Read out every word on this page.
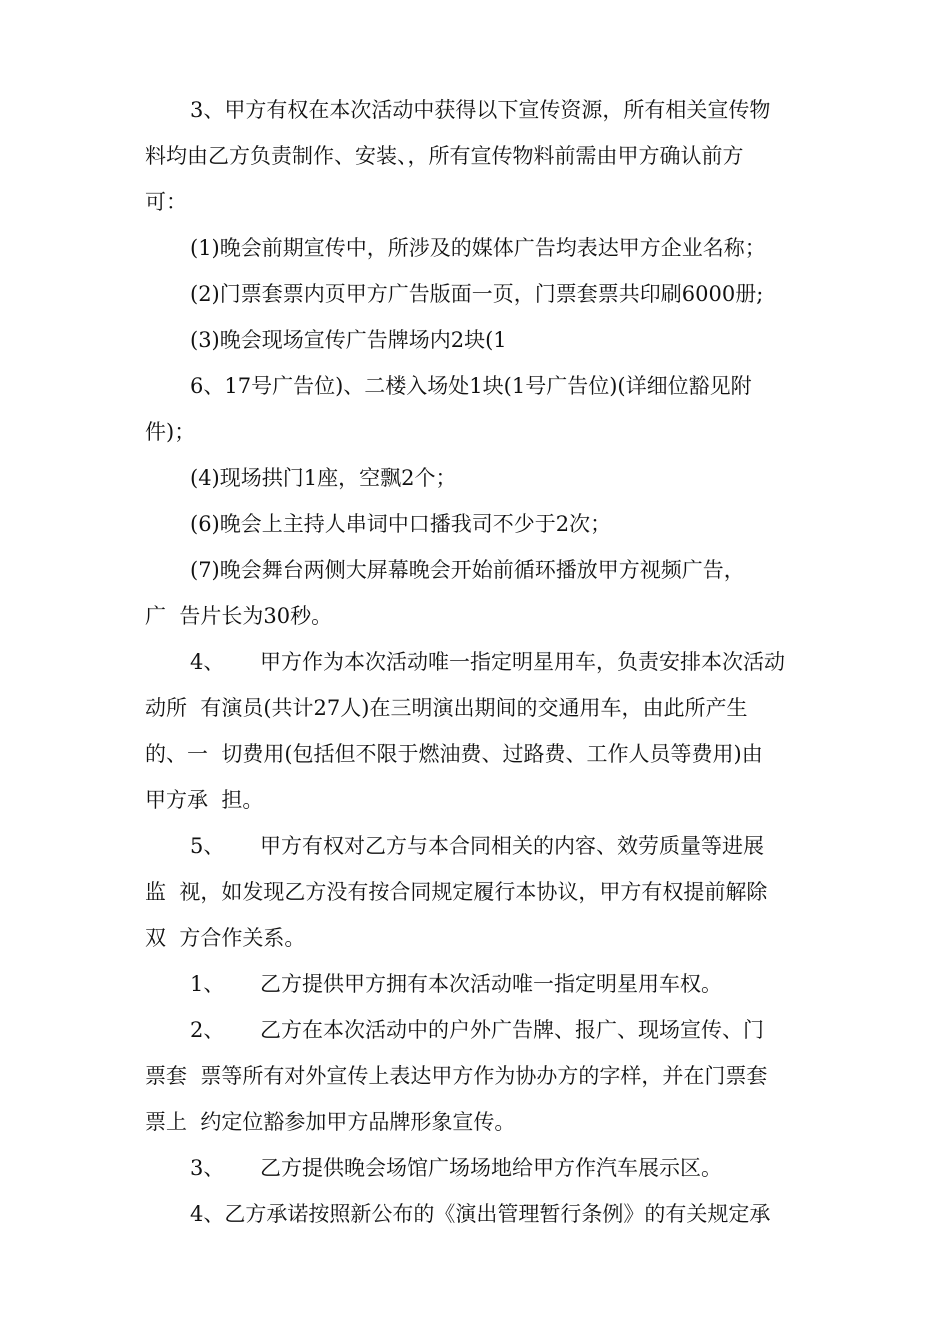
3、甲方有权在本次活动中获得以下宣传资源，所有相关宣传物
料均由乙方负责制作、安装、，所有宣传物料前需由甲方确认前方
可：
(1)晚会前期宣传中，所涉及的媒体广告均表达甲方企业名称；
(2)门票套票内页甲方广告版面一页，门票套票共印刷6000册;
(3)晚会现场宣传广告牌场内2块(1
6、17号广告位)、二楼入场处1块(1号广告位)(详细位豁见附
件)；
(4)现场拱门1座，空飘2个；
(6)晚会上主持人串词中口播我司不少于2次；
(7)晚会舞台两侧大屏幕晚会开始前循环播放甲方视频广告，
广  告片长为30秒。
4、 甲方作为本次活动唯一指定明星用车，负责安排本次活动
动所  有演员(共计27人)在三明演出期间的交通用车，由此所产生
的、一  切费用(包括但不限于燃油费、过路费、工作人员等费用)由
甲方承  担。
5、 甲方有权对乙方与本合同相关的内容、效劳质量等进展
监  视，如发现乙方没有按合同规定履行本协议，甲方有权提前解除
双  方合作关系。
1、 乙方提供甲方拥有本次活动唯一指定明星用车权。
2、 乙方在本次活动中的户外广告牌、报广、现场宣传、门
票套  票等所有对外宣传上表达甲方作为协办方的字样，并在门票套
票上  约定位豁参加甲方品牌形象宣传。
3、 乙方提供晚会场馆广场场地给甲方作汽车展示区。
4、乙方承诺按照新公布的《演出管理暂行条例》的有关规定承
